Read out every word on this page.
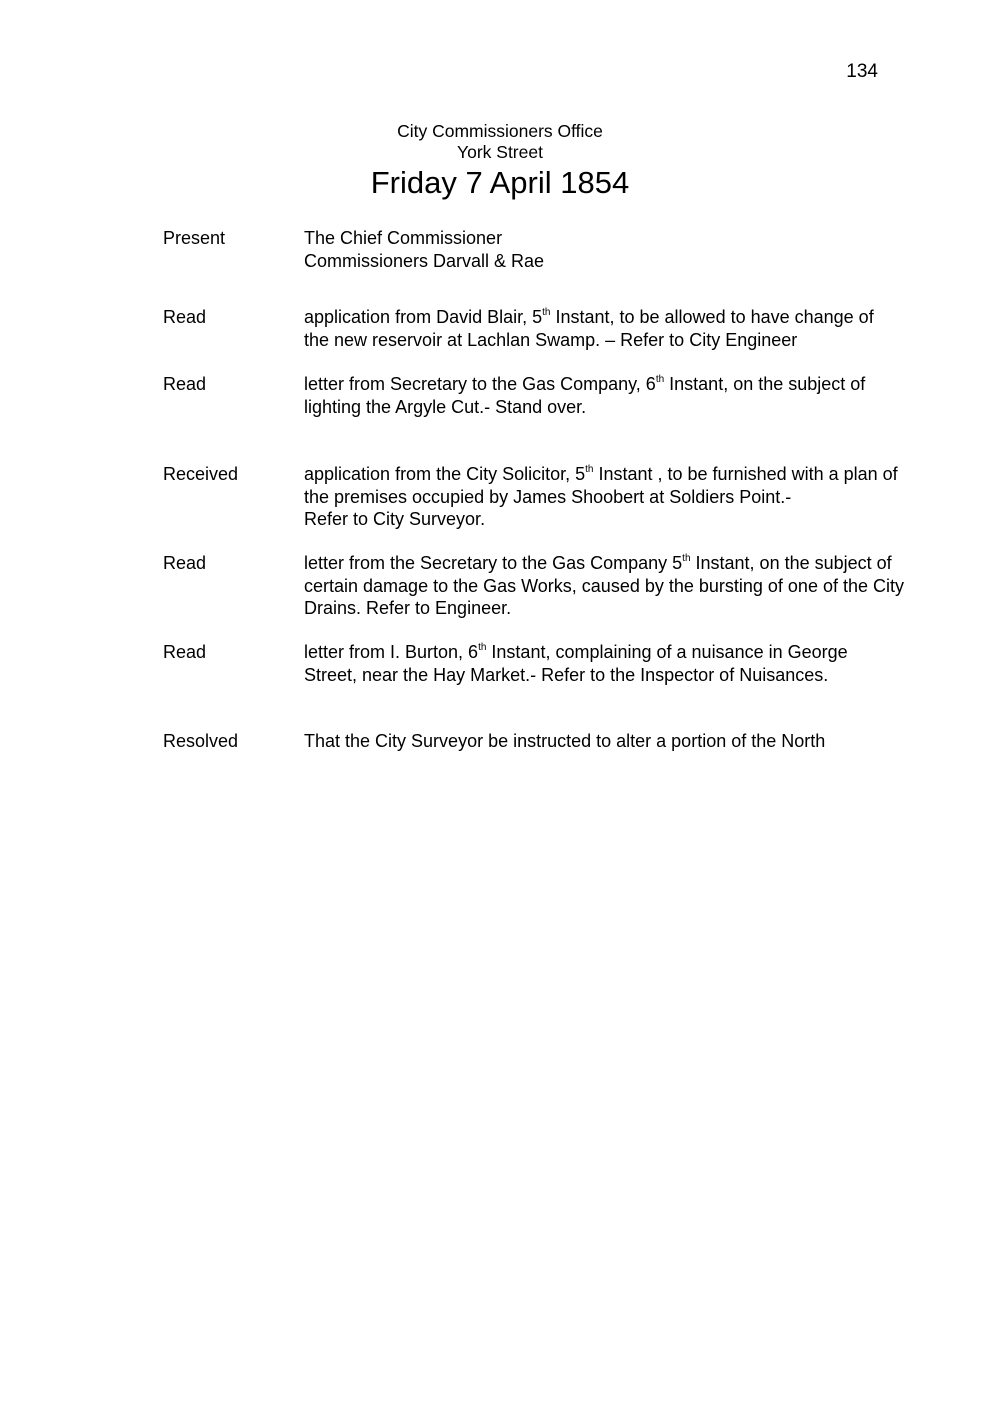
134
City Commissioners Office
York Street
Friday 7 April 1854
Present	The Chief Commissioner
Commissioners Darvall & Rae
Read	application from David Blair, 5th Instant, to be allowed to have change of
the new reservoir at Lachlan Swamp. – Refer to City Engineer
Read	letter from Secretary to the Gas Company, 6th Instant, on the subject of
lighting the Argyle Cut.- Stand over.
Received	application from the City Solicitor, 5th Instant , to be furnished with a plan of
the premises occupied by James Shoobert at Soldiers Point.-
Refer to City Surveyor.
Read	letter from the Secretary to the Gas Company 5th Instant, on the subject of
certain damage to the Gas Works, caused by the bursting of one of the City
Drains. Refer to Engineer.
Read	letter from I. Burton, 6th Instant, complaining of a nuisance in George
Street, near the Hay Market.- Refer to the Inspector of Nuisances.
Resolved	That the City Surveyor be instructed to alter a portion of the North
